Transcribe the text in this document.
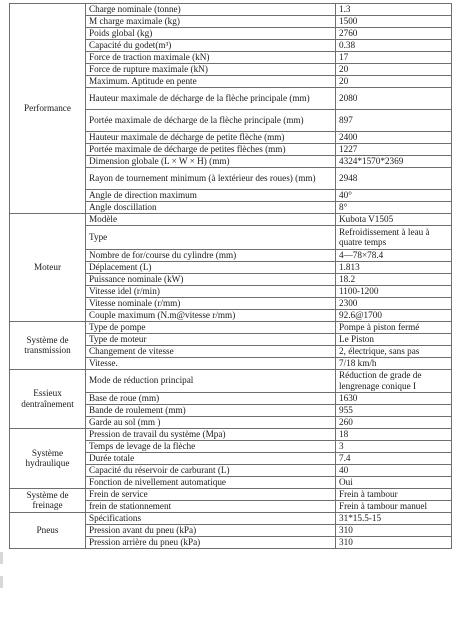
Performance	Charge nominale (tonne)	1.3
	M charge maximale (kg)	1500
	Poids global (kg)	2760
	Capacité du godet(m³)	0.38
	Force de traction maximale (kN)	17
	Force de rupture maximale (kN)	20
	Maximum. Aptitude en pente	20
	Hauteur maximale de décharge de la flèche principale (mm)	2080
	Portée maximale de décharge de la flèche principale (mm)	897
	Hauteur maximale de décharge de petite flèche (mm)	2400
	Portée maximale de décharge de petites flèches (mm)	1227
	Dimension globale (L × W × H) (mm)	4324*1570*2369
	Rayon de tournement minimum (à lextérieur des roues) (mm)	2948
	Angle de direction maximum	40°
	Angle doscillation	8°
Moteur	Modèle	Kubota V1505
	Type	Refroidissement à leau à quatre temps
	Nombre de for/course du cylindre (mm)	4—78×78.4
	Déplacement (L)	1.813
	Puissance nominale (kW)	18.2
	Vitesse idel (r/min)	1100-1200
	Vitesse nominale (r/mm)	2300
	Couple maximum (N.m@vitesse r/mm)	92.6@1700
Système de transmission	Type de pompe	Pompe à piston fermé
	Type de moteur	Le Piston
	Changement de vitesse	2, électrique, sans pas
	Vitesse.	7/18 km/h
Essieux dentraînement	Mode de réduction principal	Réduction de grade de lengrenage conique I
	Base de roue (mm)	1630
	Bande de roulement (mm)	955
	Garde au sol (mm )	260
Système hydraulique	Pression de travail du système (Mpa)	18
	Temps de levage de la flèche	3
	Durée totale	7.4
	Capacité du réservoir de carburant (L)	40
	Fonction de nivellement automatique	Oui
Système de freinage	Frein de service	Frein à tambour
	frein de stationnement	Frein à tambour manuel
Pneus	Spécifications	31*15.5-15
	Pression avant du pneu (kPa)	310
	Pression arrière du pneu (kPa)	310
